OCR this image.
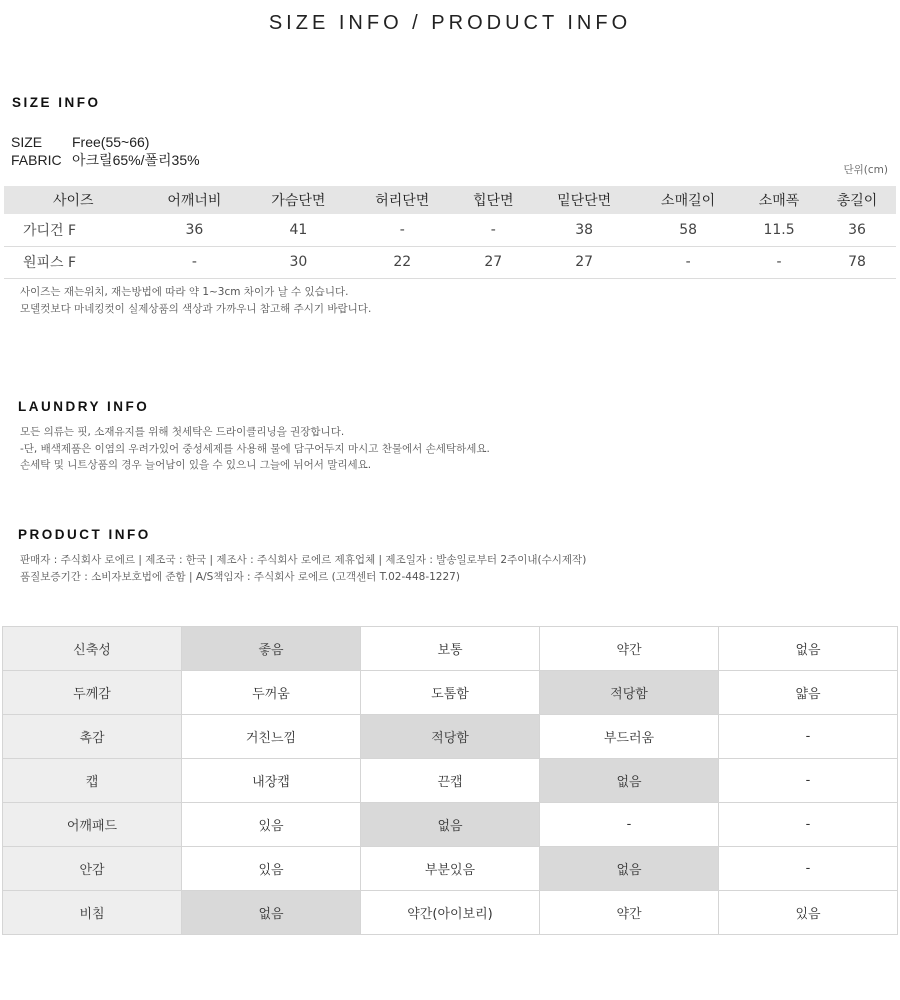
SIZE INFO / PRODUCT INFO
SIZE INFO
SIZE Free(55~66)
FABRIC 아크릴65%/폴리35%
단위(cm)
사이즈	어깨너비	가슴단면	허리단면	힙단면	밑단단면	소매길이	소매폭	총길이
가디건 F	36	41	-	-	38	58	11.5	36
원피스 F	-	30	22	27	27	-	-	78
사이즈는 재는위치, 재는방법에 따라 약 1~3cm 차이가 날 수 있습니다.
모델컷보다 마네킹컷이 실제상품의 색상과 가까우니 참고해 주시기 바랍니다.
LAUNDRY INFO
모든 의류는 핏, 소재유지를 위해 첫세탁은 드라이클리닝을 권장합니다.
-단, 배색제품은 이염의 우려가있어 중성세제를 사용해 물에 담구어두지 마시고 찬물에서 손세탁하세요.
손세탁 및 니트상품의 경우 늘어남이 있을 수 있으니 그늘에 뉘어서 말리세요.
PRODUCT INFO
판매자 : 주식회사 로에르 | 제조국 : 한국 | 제조사 : 주식회사 로에르 제휴업체 | 제조일자 : 발송일로부터 2주이내(수시제작)
품질보증기간 : 소비자보호법에 준함 | A/S책임자 : 주식회사 로에르 (고객센터 T.02-448-1227)
신축성	좋음	보통	약간	없음
두께감	두꺼움	도톰함	적당함	얇음
촉감	거친느낌	적당함	부드러움	-
캡	내장캡	끈캡	없음	-
어깨패드	있음	없음	-	-
안감	있음	부분있음	없음	-
비침	없음	약간(아이보리)	약간	있음
